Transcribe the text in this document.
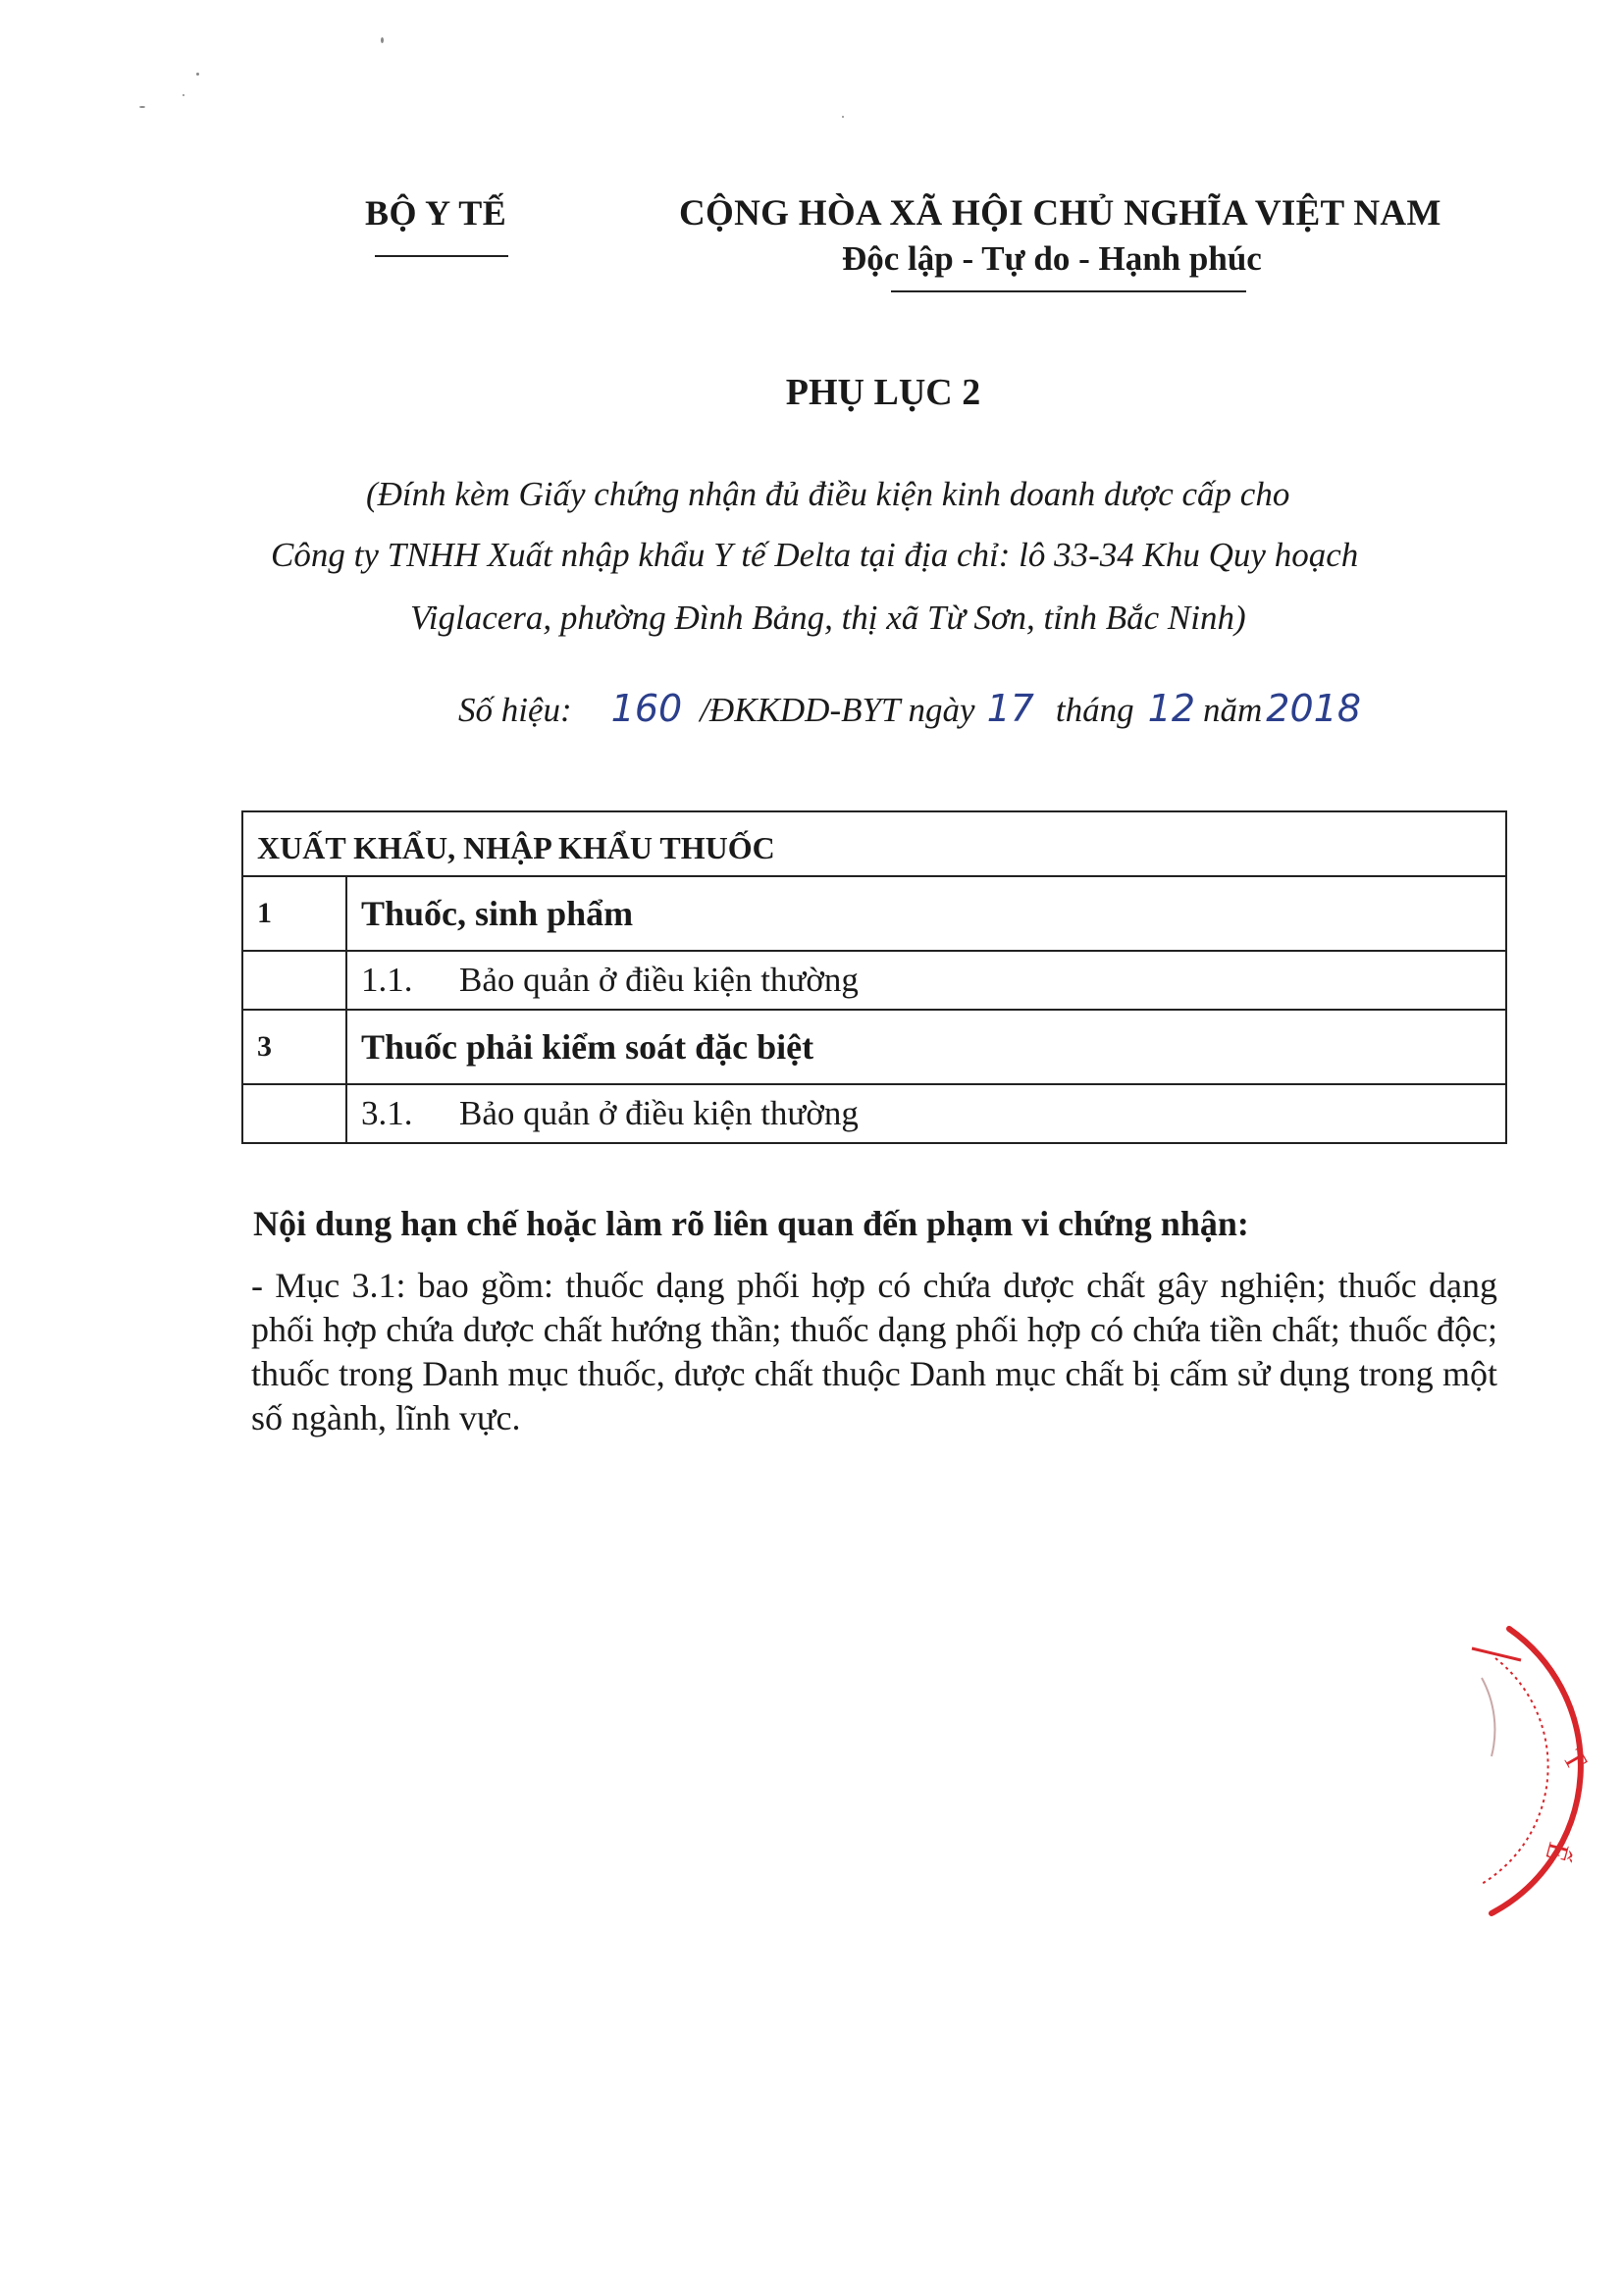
BỘ Y TẾ	CỘNG HÒA XÃ HỘI CHỦ NGHĨA VIỆT NAM
Độc lập - Tự do - Hạnh phúc
PHỤ LỤC 2
(Đính kèm Giấy chứng nhận đủ điều kiện kinh doanh dược cấp cho
Công ty TNHH Xuất nhập khẩu Y tế Delta tại địa chỉ: lô 33-34 Khu Quy hoạch
Viglacera, phường Đình Bảng, thị xã Từ Sơn, tỉnh Bắc Ninh)
Số hiệu: 160 /ĐKKDD-BYT ngày 17 tháng 12 năm 2018
XUẤT KHẨU, NHẬP KHẨU THUỐC	
1	Thuốc, sinh phẩm
	1.1. Bảo quản ở điều kiện thường
3	Thuốc phải kiểm soát đặc biệt
	3.1. Bảo quản ở điều kiện thường
Nội dung hạn chế hoặc làm rõ liên quan đến phạm vi chứng nhận:
- Mục 3.1: bao gồm: thuốc dạng phối hợp có chứa dược chất gây nghiện; thuốc dạng phối hợp chứa dược chất hướng thần; thuốc dạng phối hợp có chứa tiền chất; thuốc độc; thuốc trong Danh mục thuốc, dược chất thuộc Danh mục chất bị cấm sử dụng trong một số ngành, lĩnh vực.
T
Ế
